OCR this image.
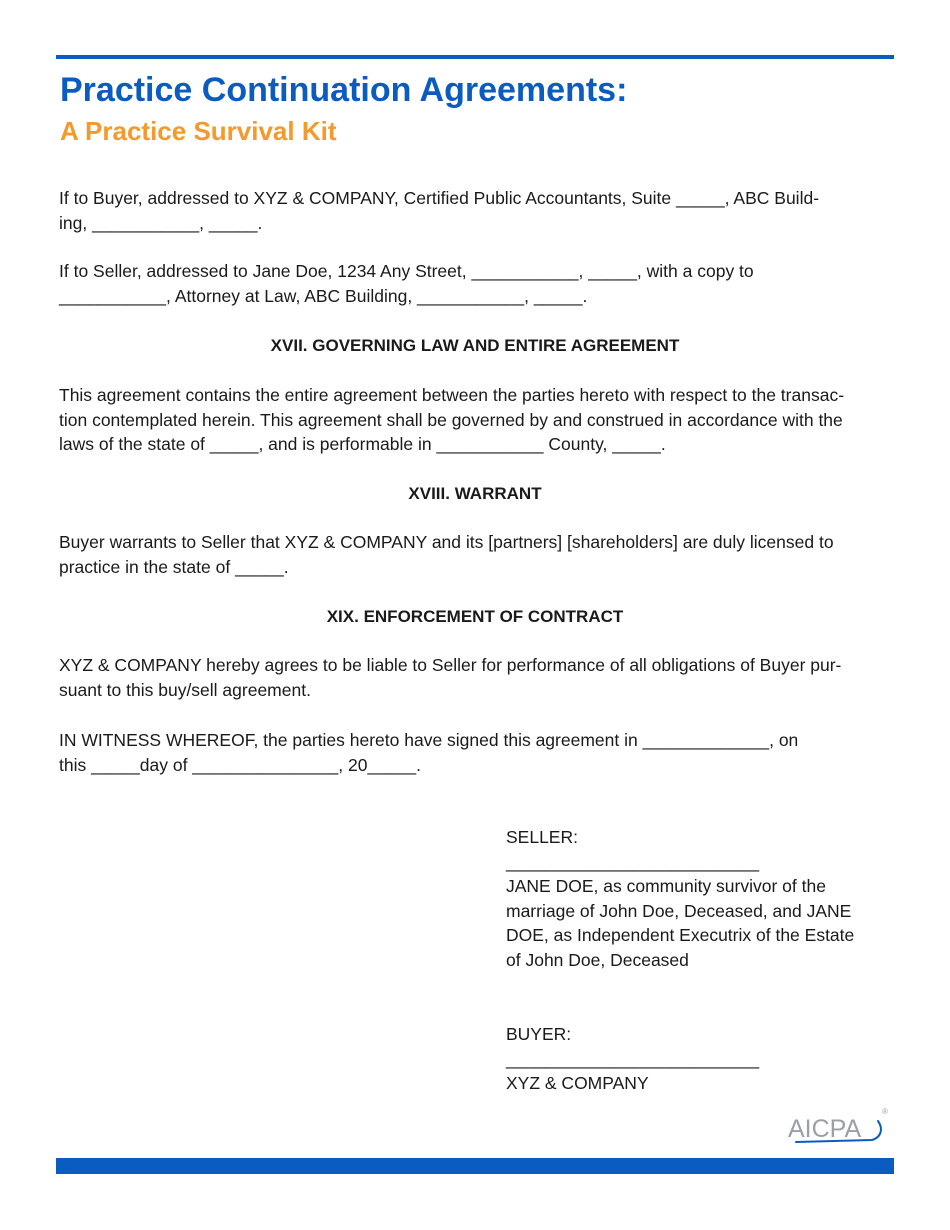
Practice Continuation Agreements:
A Practice Survival Kit
If to Buyer, addressed to XYZ & COMPANY, Certified Public Accountants, Suite _____, ABC Build-
ing, ___________, _____.
If to Seller, addressed to Jane Doe, 1234 Any Street, ___________, _____, with a copy to
___________, Attorney at Law, ABC Building, ___________, _____.
XVII. GOVERNING LAW AND ENTIRE AGREEMENT
This agreement contains the entire agreement between the parties hereto with respect to the transac-
tion contemplated herein. This agreement shall be governed by and construed in accordance with the
laws of the state of _____, and is performable in ___________ County, _____.
XVIII. WARRANT
Buyer warrants to Seller that XYZ & COMPANY and its [partners] [shareholders] are duly licensed to
practice in the state of _____.
XIX. ENFORCEMENT OF CONTRACT
XYZ & COMPANY hereby agrees to be liable to Seller for performance of all obligations of Buyer pur-
suant to this buy/sell agreement.
IN WITNESS WHEREOF, the parties hereto have signed this agreement in _____________, on
this _____day of _______________, 20_____.
SELLER:
__________________________
JANE DOE, as community survivor of the
marriage of John Doe, Deceased, and JANE
DOE, as Independent Executrix of the Estate
of John Doe, Deceased
BUYER:
__________________________
XYZ & COMPANY
AICPA
®
